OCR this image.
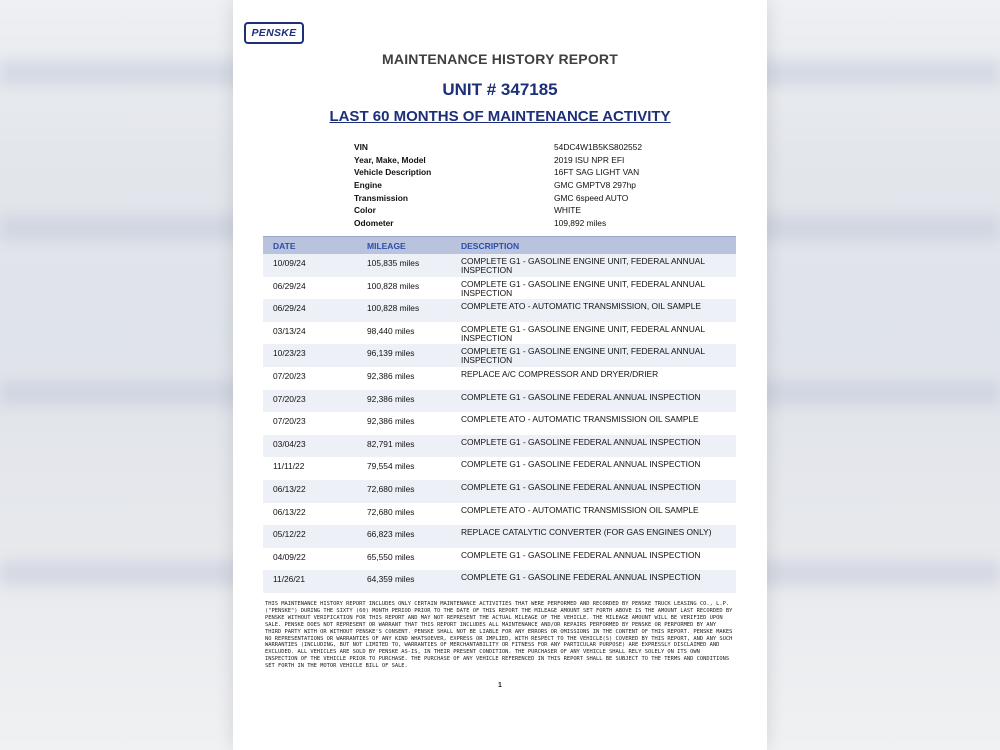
PENSKE
MAINTENANCE HISTORY REPORT
UNIT # 347185
LAST 60 MONTHS OF MAINTENANCE ACTIVITY
VIN	54DC4W1B5KS802552
Year, Make, Model	2019 ISU NPR EFI
Vehicle Description	16FT SAG LIGHT VAN
Engine	GMC GMPTV8 297hp
Transmission	GMC 6speed AUTO
Color	WHITE
Odometer	109,892 miles
DATE	MILEAGE	DESCRIPTION
10/09/24	105,835 miles	COMPLETE G1 - GASOLINE ENGINE UNIT, FEDERAL ANNUAL INSPECTION
06/29/24	100,828 miles	COMPLETE G1 - GASOLINE ENGINE UNIT, FEDERAL ANNUAL INSPECTION
06/29/24	100,828 miles	COMPLETE ATO - AUTOMATIC TRANSMISSION, OIL SAMPLE
03/13/24	98,440 miles	COMPLETE G1 - GASOLINE ENGINE UNIT, FEDERAL ANNUAL INSPECTION
10/23/23	96,139 miles	COMPLETE G1 - GASOLINE ENGINE UNIT, FEDERAL ANNUAL INSPECTION
07/20/23	92,386 miles	REPLACE A/C COMPRESSOR AND DRYER/DRIER
07/20/23	92,386 miles	COMPLETE G1 - GASOLINE FEDERAL ANNUAL INSPECTION
07/20/23	92,386 miles	COMPLETE ATO - AUTOMATIC TRANSMISSION OIL SAMPLE
03/04/23	82,791 miles	COMPLETE G1 - GASOLINE FEDERAL ANNUAL INSPECTION
11/11/22	79,554 miles	COMPLETE G1 - GASOLINE FEDERAL ANNUAL INSPECTION
06/13/22	72,680 miles	COMPLETE G1 - GASOLINE FEDERAL ANNUAL INSPECTION
06/13/22	72,680 miles	COMPLETE ATO - AUTOMATIC TRANSMISSION OIL SAMPLE
05/12/22	66,823 miles	REPLACE CATALYTIC CONVERTER (FOR GAS ENGINES ONLY)
04/09/22	65,550 miles	COMPLETE G1 - GASOLINE FEDERAL ANNUAL INSPECTION
11/26/21	64,359 miles	COMPLETE G1 - GASOLINE FEDERAL ANNUAL INSPECTION
THIS MAINTENANCE HISTORY REPORT INCLUDES ONLY CERTAIN MAINTENANCE ACTIVITIES THAT WERE PERFORMED AND RECORDED BY PENSKE TRUCK LEASING CO., L.P. ("PENSKE") DURING THE SIXTY (60) MONTH PERIOD PRIOR TO THE DATE OF THIS REPORT THE MILEAGE AMOUNT SET FORTH ABOVE IS THE AMOUNT LAST RECORDED BY PENSKE WITHOUT VERIFICATION FOR THIS REPORT AND MAY NOT REPRESENT THE ACTUAL MILEAGE OF THE VEHICLE. THE MILEAGE AMOUNT WILL BE VERIFIED UPON SALE. PENSKE DOES NOT REPRESENT OR WARRANT THAT THIS REPORT INCLUDES ALL MAINTENANCE AND/OR REPAIRS PERFORMED BY PENSKE OR PERFORMED BY ANY THIRD PARTY WITH OR WITHOUT PENSKE'S CONSENT. PENSKE SHALL NOT BE LIABLE FOR ANY ERRORS OR OMISSIONS IN THE CONTENT OF THIS REPORT. PENSKE MAKES NO REPRESENTATIONS OR WARRANTIES OF ANY KIND WHATSOEVER, EXPRESS OR IMPLIED, WITH RESPECT TO THE VEHICLE(S) COVERED BY THIS REPORT, AND ANY SUCH WARRANTIES (INCLUDING, BUT NOT LIMITED TO, WARRANTIES OF MERCHANTABILITY OR FITNESS FOR ANY PARTICULAR PURPOSE) ARE EXPRESSLY DISCLAIMED AND EXCLUDED. ALL VEHICLES ARE SOLD BY PENSKE AS-IS, IN THEIR PRESENT CONDITION. THE PURCHASER OF ANY VEHICLE SHALL RELY SOLELY ON ITS OWN INSPECTION OF THE VEHICLE PRIOR TO PURCHASE. THE PURCHASE OF ANY VEHICLE REFERENCED IN THIS REPORT SHALL BE SUBJECT TO THE TERMS AND CONDITIONS SET FORTH IN THE MOTOR VEHICLE BILL OF SALE.
1
